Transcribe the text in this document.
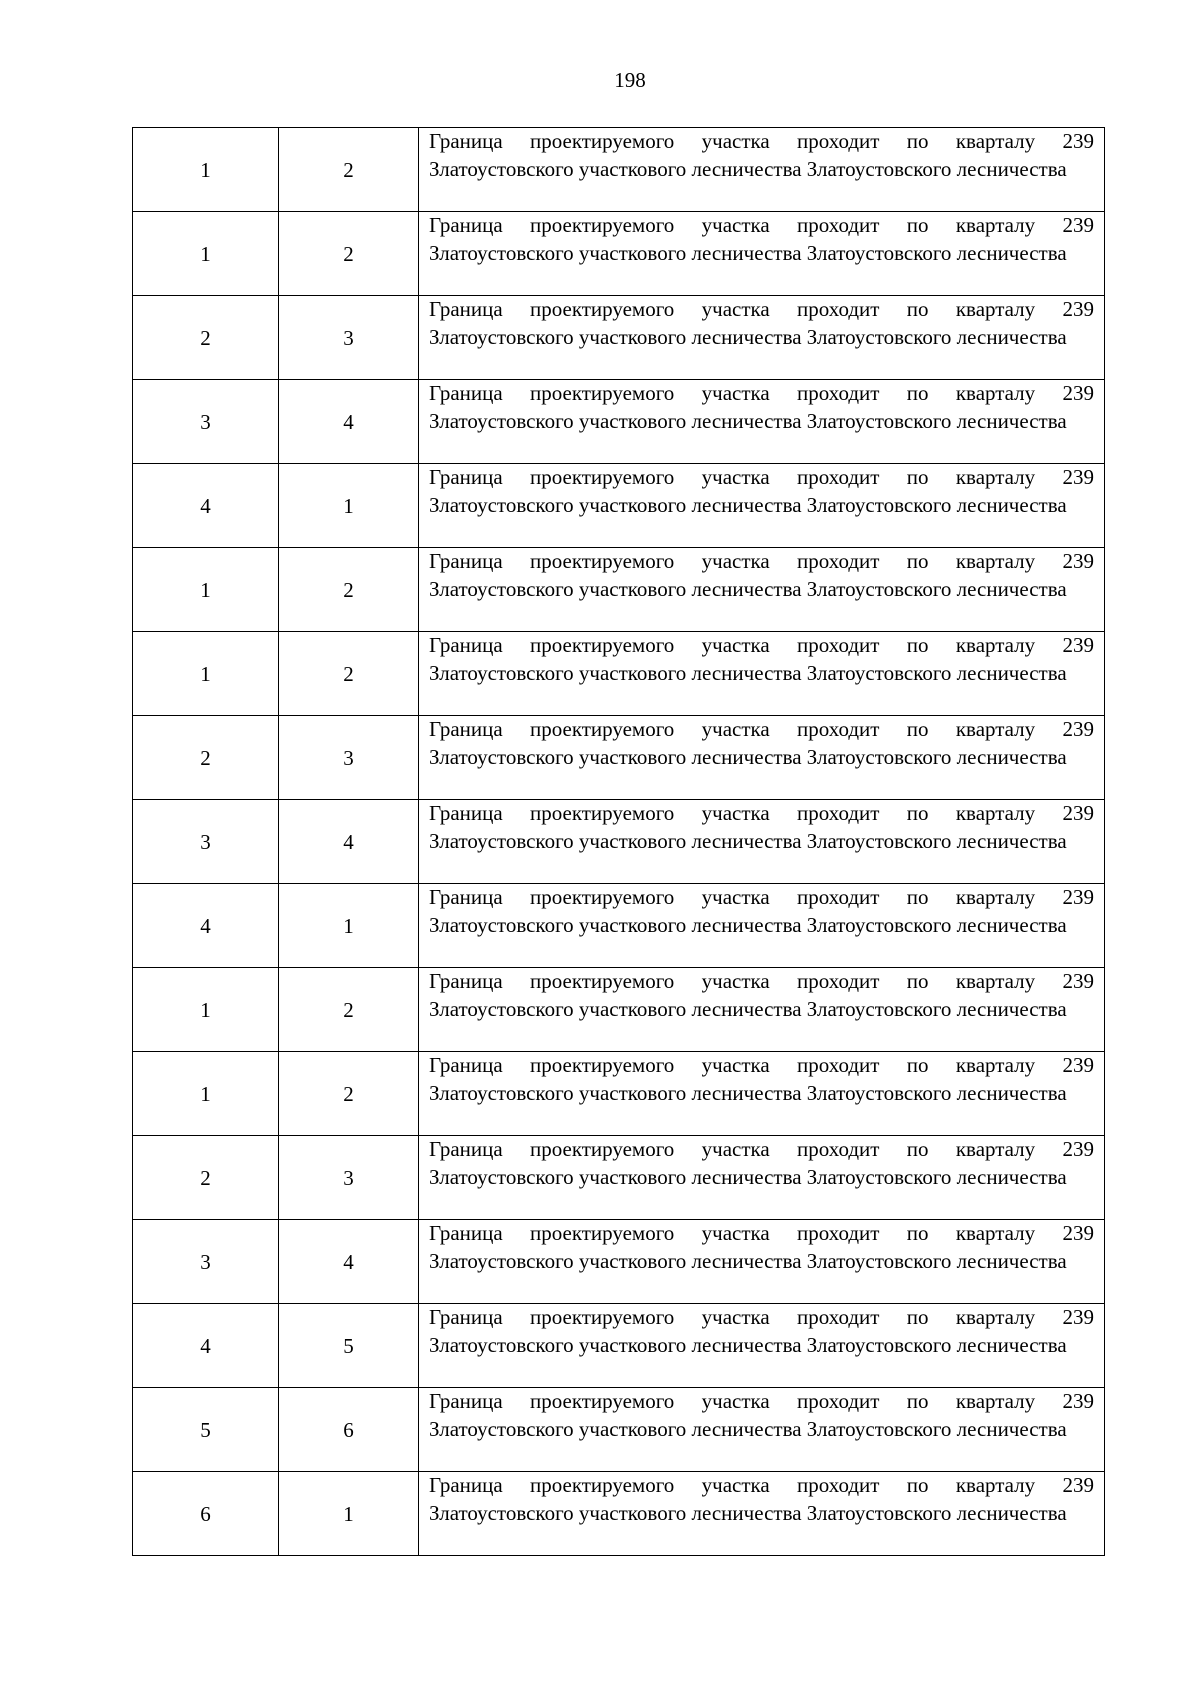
198
1	2	Граница проектируемого участка проходит по кварталу 239 Златоустовского участкового лесничества Златоустовского лесничества

1	2	Граница проектируемого участка проходит по кварталу 239 Златоустовского участкового лесничества Златоустовского лесничества

2	3	Граница проектируемого участка проходит по кварталу 239 Златоустовского участкового лесничества Златоустовского лесничества

3	4	Граница проектируемого участка проходит по кварталу 239 Златоустовского участкового лесничества Златоустовского лесничества

4	1	Граница проектируемого участка проходит по кварталу 239 Златоустовского участкового лесничества Златоустовского лесничества

1	2	Граница проектируемого участка проходит по кварталу 239 Златоустовского участкового лесничества Златоустовского лесничества

1	2	Граница проектируемого участка проходит по кварталу 239 Златоустовского участкового лесничества Златоустовского лесничества

2	3	Граница проектируемого участка проходит по кварталу 239 Златоустовского участкового лесничества Златоустовского лесничества

3	4	Граница проектируемого участка проходит по кварталу 239 Златоустовского участкового лесничества Златоустовского лесничества

4	1	Граница проектируемого участка проходит по кварталу 239 Златоустовского участкового лесничества Златоустовского лесничества

1	2	Граница проектируемого участка проходит по кварталу 239 Златоустовского участкового лесничества Златоустовского лесничества

1	2	Граница проектируемого участка проходит по кварталу 239 Златоустовского участкового лесничества Златоустовского лесничества

2	3	Граница проектируемого участка проходит по кварталу 239 Златоустовского участкового лесничества Златоустовского лесничества

3	4	Граница проектируемого участка проходит по кварталу 239 Златоустовского участкового лесничества Златоустовского лесничества

4	5	Граница проектируемого участка проходит по кварталу 239 Златоустовского участкового лесничества Златоустовского лесничества

5	6	Граница проектируемого участка проходит по кварталу 239 Златоустовского участкового лесничества Златоустовского лесничества

6	1	Граница проектируемого участка проходит по кварталу 239 Златоустовского участкового лесничества Златоустовского лесничества
